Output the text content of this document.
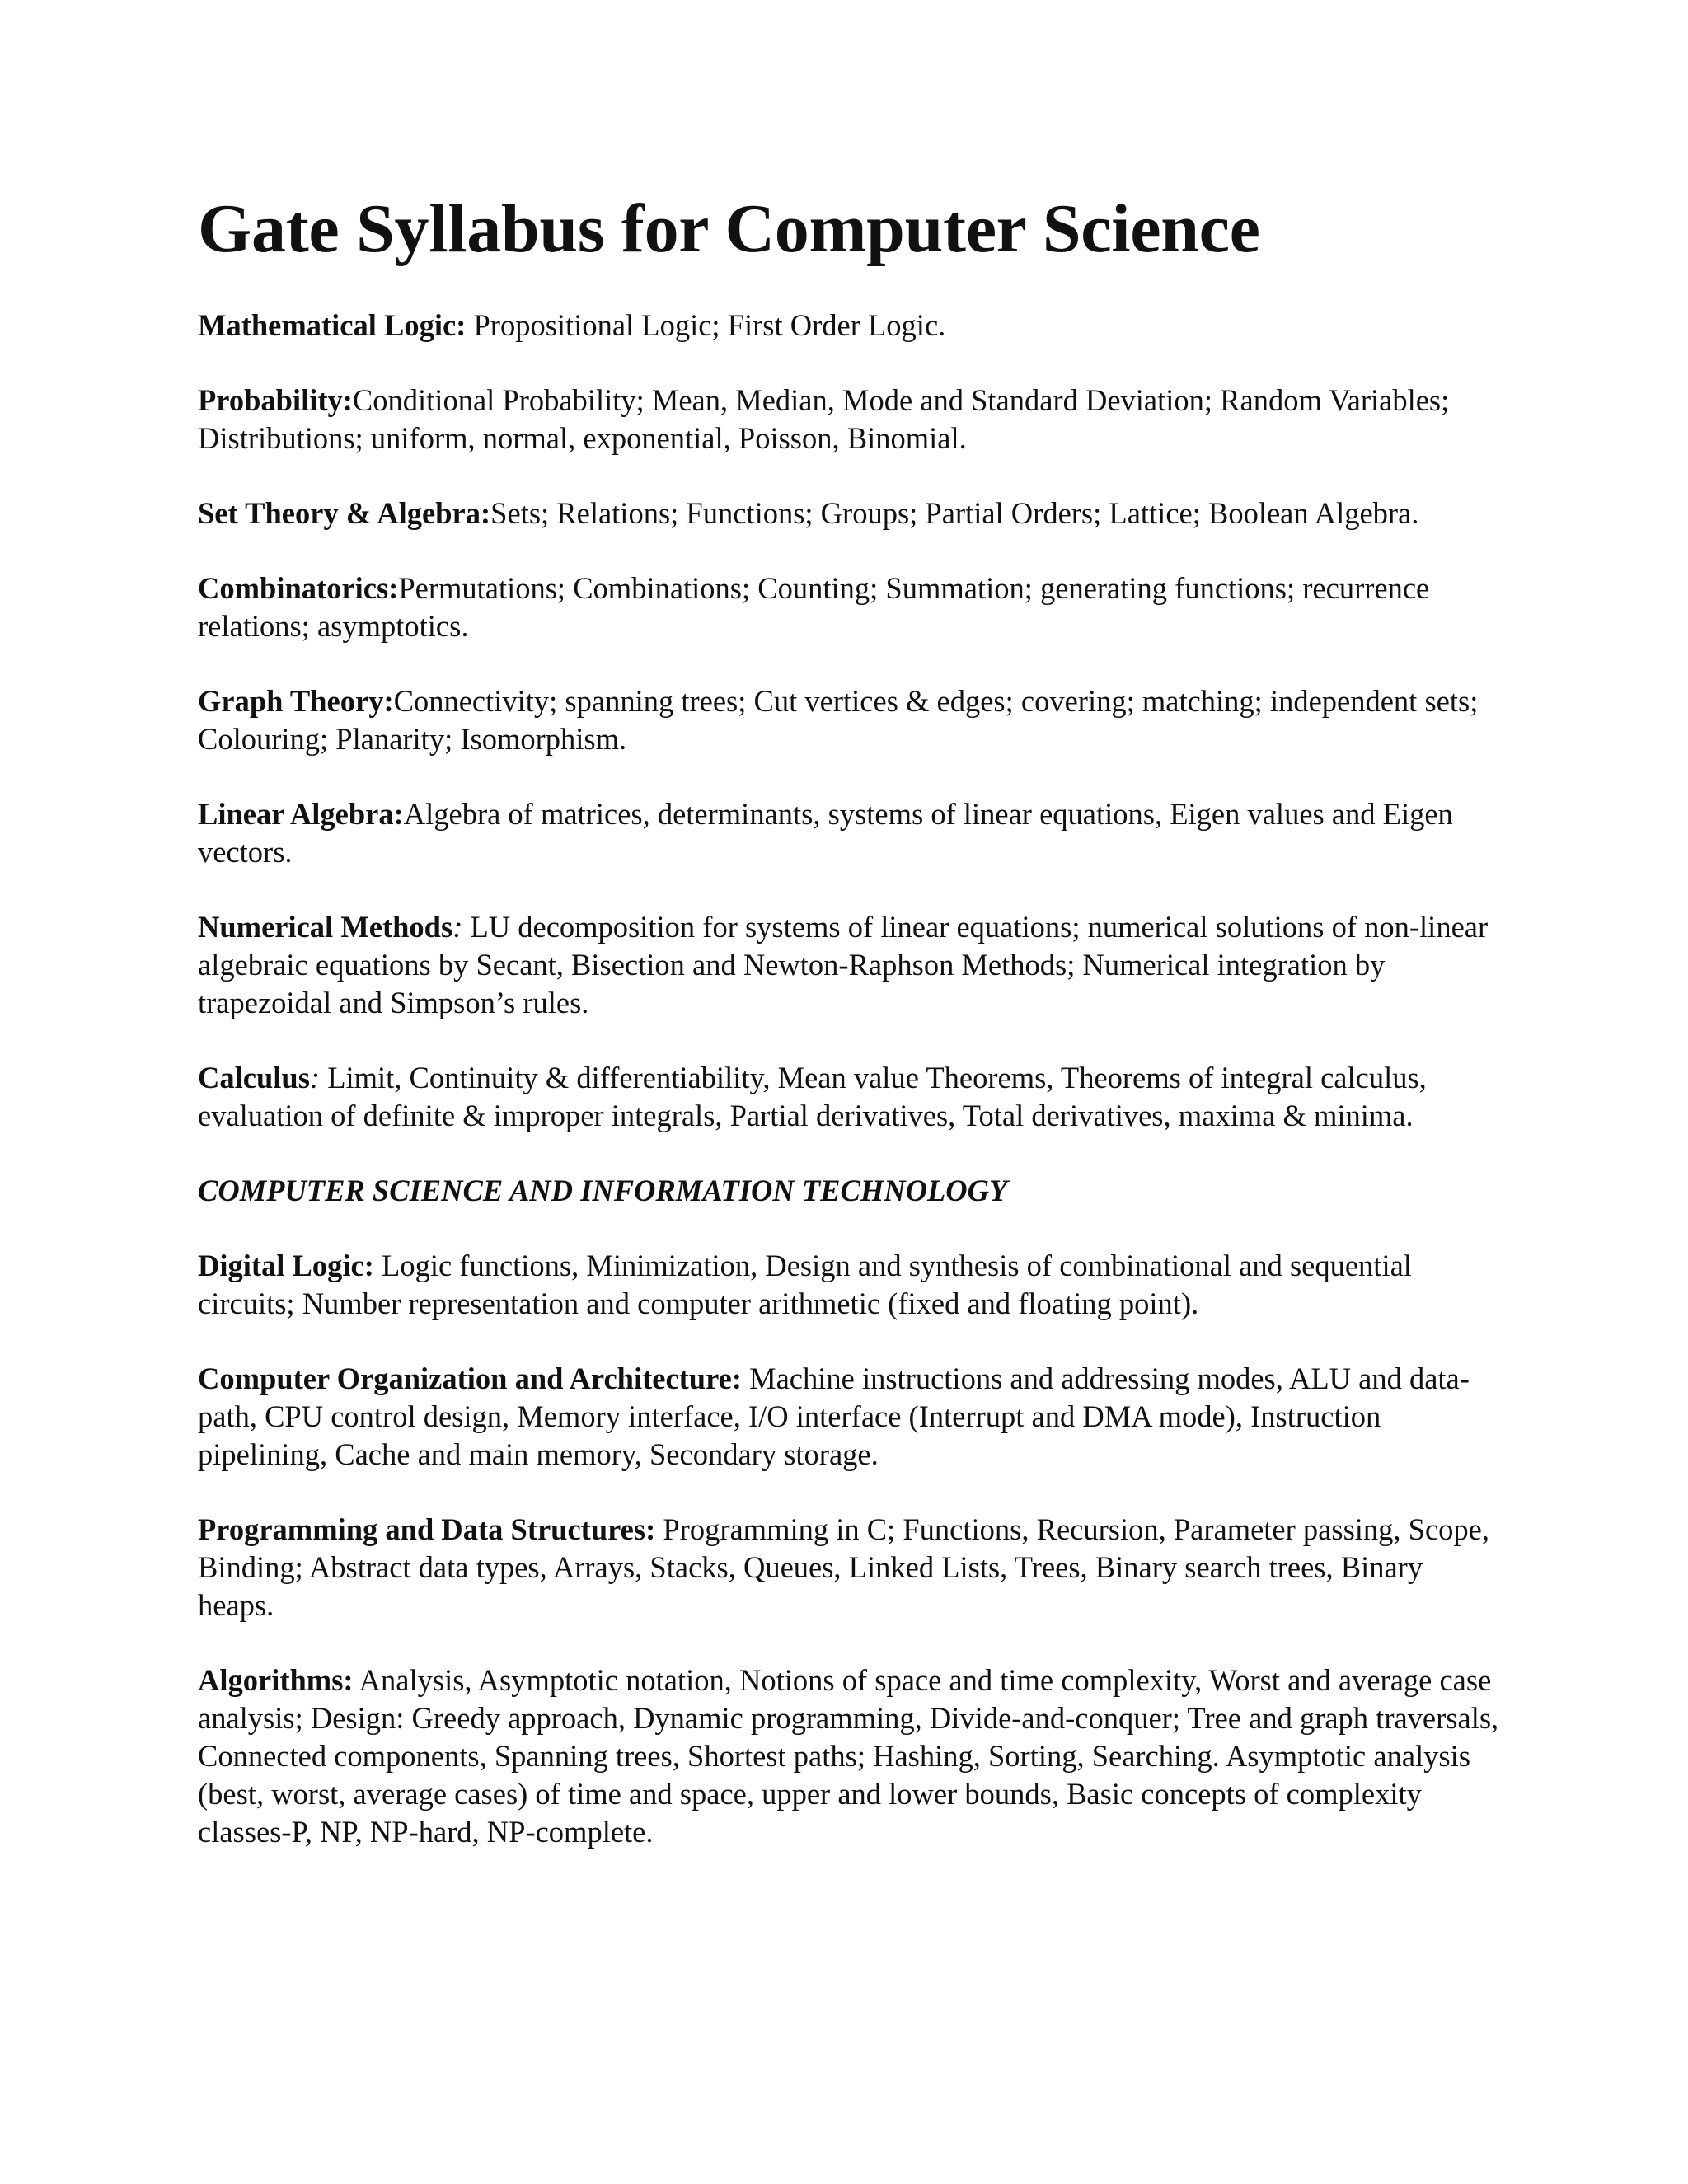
Gate Syllabus for Computer Science

Mathematical Logic: Propositional Logic; First Order Logic.

Probability:Conditional Probability; Mean, Median, Mode and Standard Deviation; Random Variables; Distributions; uniform, normal, exponential, Poisson, Binomial.

Set Theory & Algebra:Sets; Relations; Functions; Groups; Partial Orders; Lattice; Boolean Algebra.

Combinatorics:Permutations; Combinations; Counting; Summation; generating functions; recurrence relations; asymptotics.

Graph Theory:Connectivity; spanning trees; Cut vertices & edges; covering; matching; independent sets; Colouring; Planarity; Isomorphism.

Linear Algebra:Algebra of matrices, determinants, systems of linear equations, Eigen values and Eigen vectors.

Numerical Methods: LU decomposition for systems of linear equations; numerical solutions of non-linear algebraic equations by Secant, Bisection and Newton-Raphson Methods; Numerical integration by trapezoidal and Simpson’s rules.

Calculus: Limit, Continuity & differentiability, Mean value Theorems, Theorems of integral calculus, evaluation of definite & improper integrals, Partial derivatives, Total derivatives, maxima & minima.

COMPUTER SCIENCE AND INFORMATION TECHNOLOGY

Digital Logic: Logic functions, Minimization, Design and synthesis of combinational and sequential circuits; Number representation and computer arithmetic (fixed and floating point).

Computer Organization and Architecture: Machine instructions and addressing modes, ALU and data-path, CPU control design, Memory interface, I/O interface (Interrupt and DMA mode), Instruction pipelining, Cache and main memory, Secondary storage.

Programming and Data Structures: Programming in C; Functions, Recursion, Parameter passing, Scope, Binding; Abstract data types, Arrays, Stacks, Queues, Linked Lists, Trees, Binary search trees, Binary heaps.

Algorithms: Analysis, Asymptotic notation, Notions of space and time complexity, Worst and average case analysis; Design: Greedy approach, Dynamic programming, Divide-and-conquer; Tree and graph traversals, Connected components, Spanning trees, Shortest paths; Hashing, Sorting, Searching. Asymptotic analysis (best, worst, average cases) of time and space, upper and lower bounds, Basic concepts of complexity classes-P, NP, NP-hard, NP-complete.
